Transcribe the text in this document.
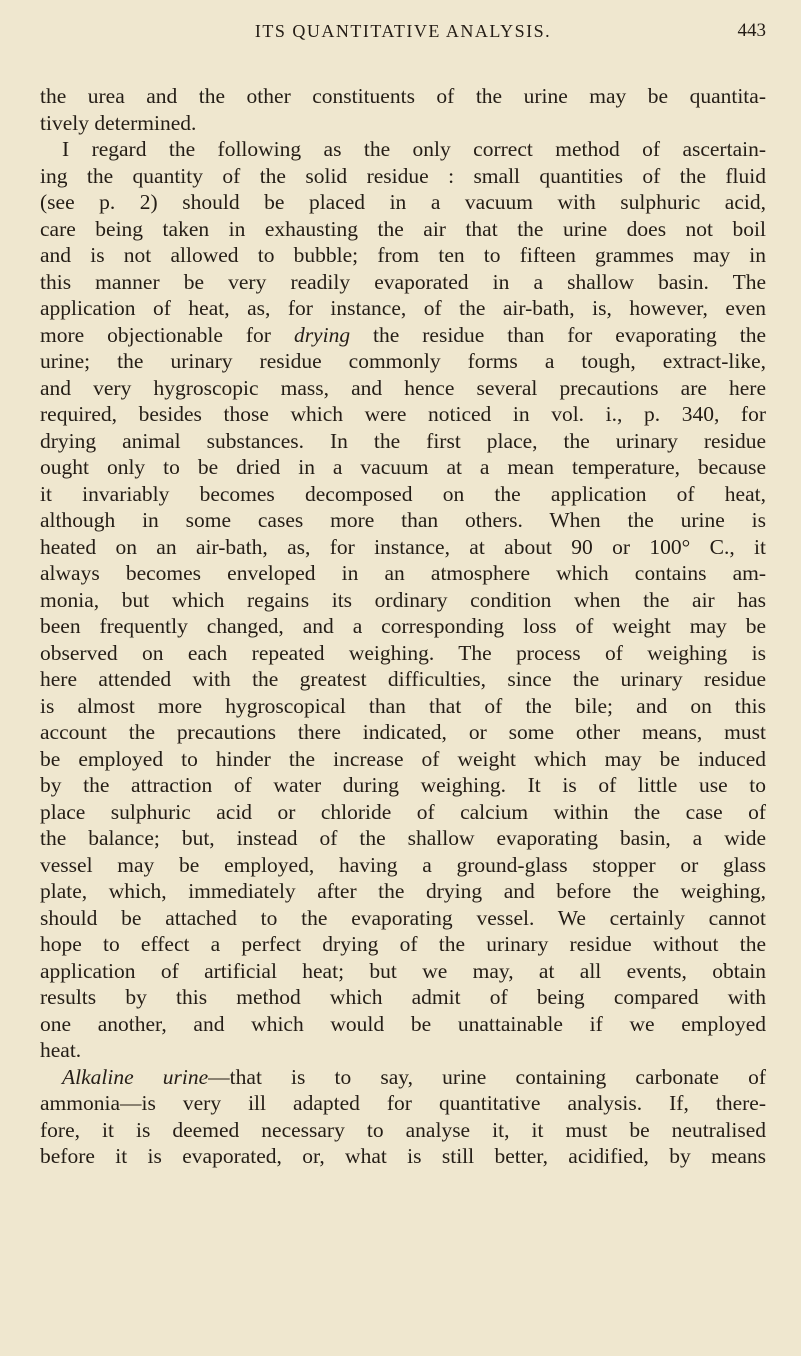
ITS QUANTITATIVE ANALYSIS.	443
the urea and the other constituents of the urine may be quantita-
tively determined.
I regard the following as the only correct method of ascertain-
ing the quantity of the solid residue : small quantities of the fluid
(see p. 2) should be placed in a vacuum with sulphuric acid,
care being taken in exhausting the air that the urine does not boil
and is not allowed to bubble; from ten to fifteen grammes may in
this manner be very readily evaporated in a shallow basin. The
application of heat, as, for instance, of the air-bath, is, however, even
more objectionable for drying the residue than for evaporating the
urine; the urinary residue commonly forms a tough, extract-like,
and very hygroscopic mass, and hence several precautions are here
required, besides those which were noticed in vol. i., p. 340, for
drying animal substances. In the first place, the urinary residue
ought only to be dried in a vacuum at a mean temperature, because
it invariably becomes decomposed on the application of heat,
although in some cases more than others. When the urine is
heated on an air-bath, as, for instance, at about 90 or 100° C., it
always becomes enveloped in an atmosphere which contains am-
monia, but which regains its ordinary condition when the air has
been frequently changed, and a corresponding loss of weight may be
observed on each repeated weighing. The process of weighing is
here attended with the greatest difficulties, since the urinary residue
is almost more hygroscopical than that of the bile; and on this
account the precautions there indicated, or some other means, must
be employed to hinder the increase of weight which may be induced
by the attraction of water during weighing. It is of little use to
place sulphuric acid or chloride of calcium within the case of
the balance; but, instead of the shallow evaporating basin, a wide
vessel may be employed, having a ground-glass stopper or glass
plate, which, immediately after the drying and before the weighing,
should be attached to the evaporating vessel. We certainly cannot
hope to effect a perfect drying of the urinary residue without the
application of artificial heat; but we may, at all events, obtain
results by this method which admit of being compared with
one another, and which would be unattainable if we employed
heat.
Alkaline urine—that is to say, urine containing carbonate of
ammonia—is very ill adapted for quantitative analysis. If, there-
fore, it is deemed necessary to analyse it, it must be neutralised
before it is evaporated, or, what is still better, acidified, by means
